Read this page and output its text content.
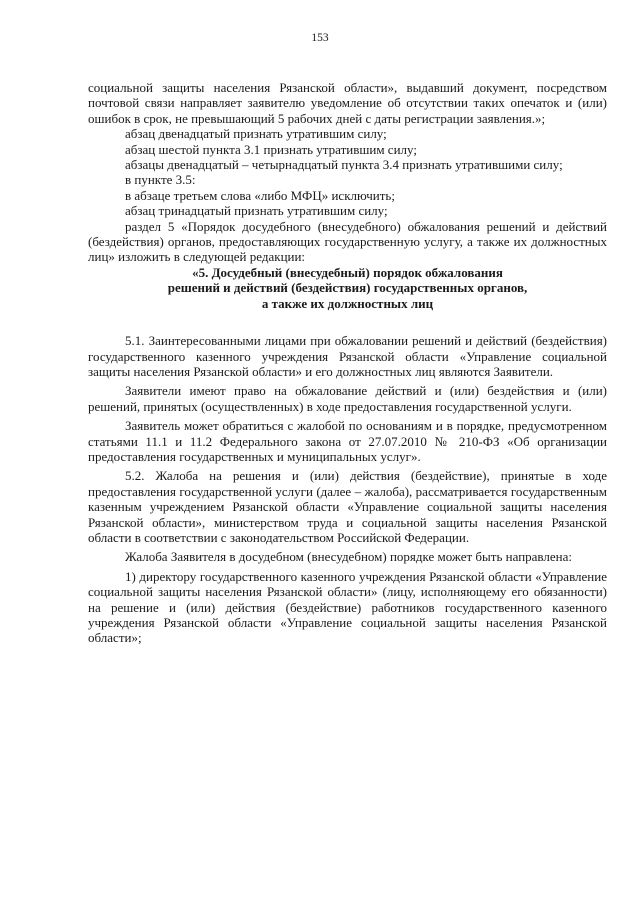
153

социальной защиты населения Рязанской области», выдавший документ, посредством почтовой связи направляет заявителю уведомление об отсутствии таких опечаток и (или) ошибок в срок, не превышающий 5 рабочих дней с даты регистрации заявления.»;

абзац двенадцатый признать утратившим силу;

абзац шестой пункта 3.1 признать утратившим силу;

абзацы двенадцатый – четырнадцатый пункта 3.4 признать утратившими силу;

в пункте 3.5:

в абзаце третьем слова «либо МФЦ» исключить;

абзац тринадцатый признать утратившим силу;

раздел 5 «Порядок досудебного (внесудебного) обжалования решений и действий (бездействия) органов, предоставляющих государственную услугу, а также их должностных лиц» изложить в следующей редакции:

«5. Досудебный (внесудебный) порядок обжалования
решений и действий (бездействия) государственных органов,
а также их должностных лиц

5.1. Заинтересованными лицами при обжаловании решений и действий (бездействия) государственного казенного учреждения Рязанской области «Управление социальной защиты населения Рязанской области» и его должностных лиц являются Заявители.

Заявители имеют право на обжалование действий и (или) бездействия и (или) решений, принятых (осуществленных) в ходе предоставления государственной услуги.

Заявитель может обратиться с жалобой по основаниям и в порядке, предусмотренном статьями 11.1 и 11.2 Федерального закона от 27.07.2010 № 210-ФЗ «Об организации предоставления государственных и муниципальных услуг».

5.2. Жалоба на решения и (или) действия (бездействие), принятые в ходе предоставления государственной услуги (далее – жалоба), рассматривается государственным казенным учреждением Рязанской области «Управление социальной защиты населения Рязанской области», министерством труда и социальной защиты населения Рязанской области в соответствии с законодательством Российской Федерации.

Жалоба Заявителя в досудебном (внесудебном) порядке может быть направлена:

1) директору государственного казенного учреждения Рязанской области «Управление социальной защиты населения Рязанской области» (лицу, исполняющему его обязанности) на решение и (или) действия (бездействие) работников государственного казенного учреждения Рязанской области «Управление социальной защиты населения Рязанской области»;
